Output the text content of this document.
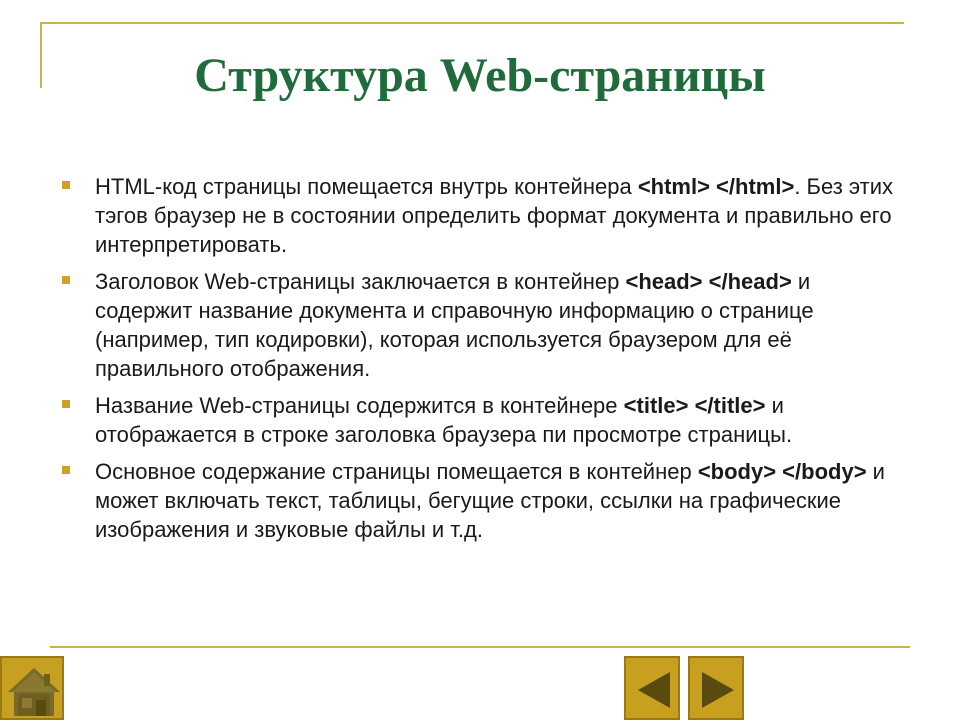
Структура Web-страницы
HTML-код страницы помещается внутрь контейнера <html> </html>. Без этих тэгов браузер не в состоянии определить формат документа и правильно его интерпретировать.
Заголовок Web-страницы заключается в контейнер <head> </head> и содержит название документа и справочную информацию о странице (например, тип кодировки), которая используется браузером для её правильного отображения.
Название Web-страницы содержится в контейнере <title> </title> и отображается в строке заголовка браузера пи просмотре страницы.
Основное содержание страницы помещается в контейнер <body> </body> и может включать текст, таблицы, бегущие строки, ссылки на графические изображения и звуковые файлы и т.д.
